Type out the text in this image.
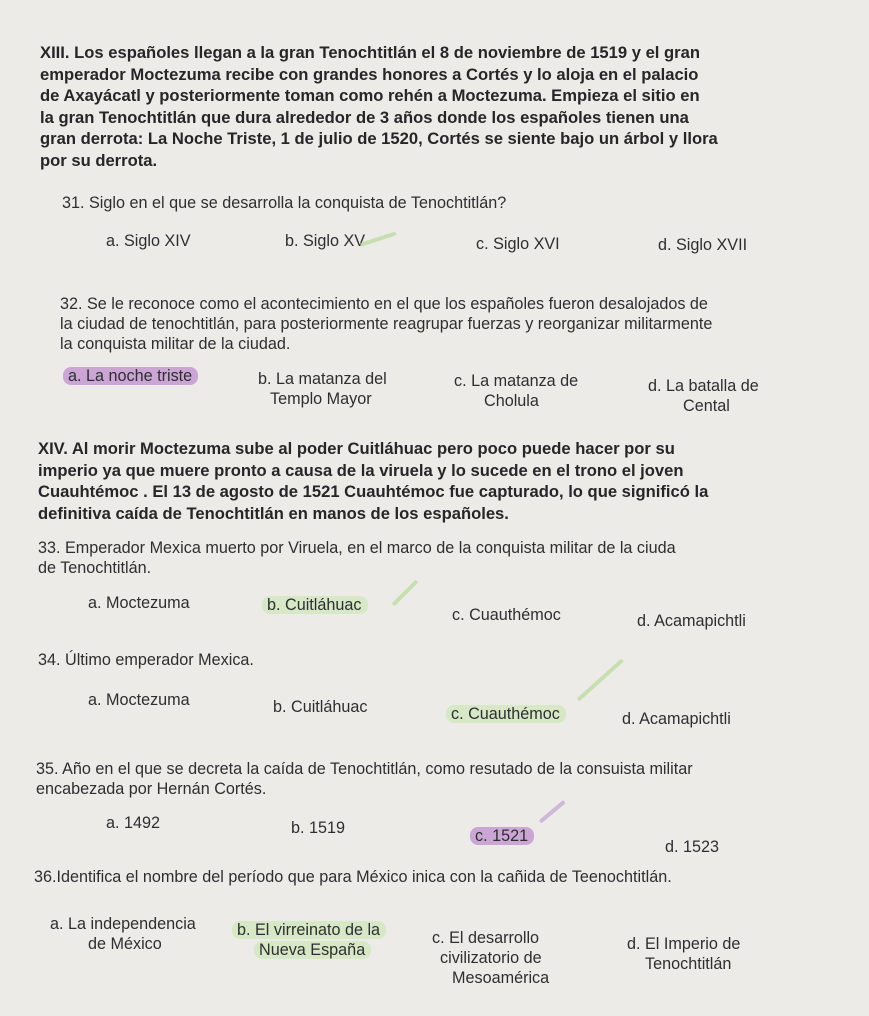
XIII. Los españoles llegan a la gran Tenochtitlán el 8 de noviembre de 1519 y el gran
emperador Moctezuma recibe con grandes honores a Cortés y lo aloja en el palacio
de Axayácatl y posteriormente toman como rehén a Moctezuma. Empieza el sitio en
la gran Tenochtitlán que dura alrededor de 3 años donde los españoles tienen una
gran derrota: La Noche Triste, 1 de julio de 1520, Cortés se siente bajo un árbol y llora
por su derrota.
31. Siglo en el que se desarrolla la conquista de Tenochtitlán?
a. Siglo XIV	b. Siglo XV	c. Siglo XVI	d. Siglo XVII
32. Se le reconoce como el acontecimiento en el que los españoles fueron desalojados de
la ciudad de tenochtitlán, para posteriormente reagrupar fuerzas y reorganizar militarmente
la conquista militar de la ciudad.
a. La noche triste	b. La matanza del
Templo Mayor
c. La matanza de
Cholula
d. La batalla de
Cental
XIV. Al morir Moctezuma sube al poder Cuitláhuac pero poco puede hacer por su
imperio ya que muere pronto a causa de la viruela y lo sucede en el trono el joven
Cuauhtémoc . El 13 de agosto de 1521 Cuauhtémoc fue capturado, lo que significó la
definitiva caída de Tenochtitlán en manos de los españoles.
33. Emperador Mexica muerto por Viruela, en el marco de la conquista militar de la ciuda
de Tenochtitlán.
a. Moctezuma	b. Cuitláhuac
c. Cuauthémoc	d. Acamapichtli
34. Último emperador Mexica.
a. Moctezuma	b. Cuitláhuac	c. Cuauthémoc	d. Acamapichtli
35. Año en el que se decreta la caída de Tenochtitlán, como resutado de la consuista militar
encabezada por Hernán Cortés.
a. 1492	b. 1519	c. 1521
d. 1523
36.Identifica el nombre del período que para México inica con la cañida de Teenochtitlán.
a. La independencia
de México
b. El virreinato de la
Nueva España
c. El desarrollo
civilizatorio de
Mesoamérica
d. El Imperio de
Tenochtitlán
